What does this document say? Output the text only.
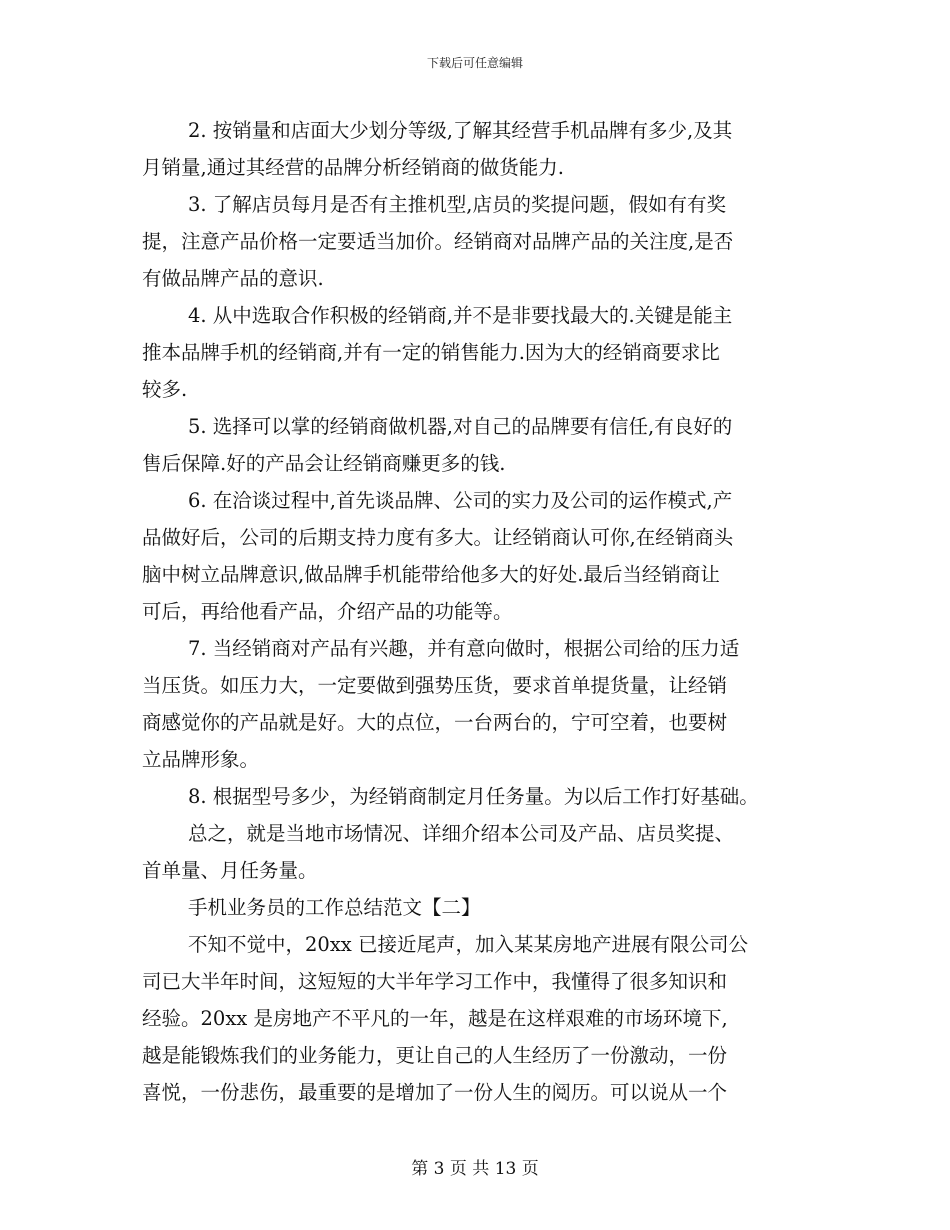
下载后可任意编辑
2. 按销量和店面大少划分等级,了解其经营手机品牌有多少,及其
月销量,通过其经营的品牌分析经销商的做货能力.
3. 了解店员每月是否有主推机型,店员的奖提问题，假如有有奖
提，注意产品价格一定要适当加价。经销商对品牌产品的关注度,是否
有做品牌产品的意识.
4. 从中选取合作积极的经销商,并不是非要找最大的.关键是能主
推本品牌手机的经销商,并有一定的销售能力.因为大的经销商要求比
较多.
5. 选择可以掌的经销商做机器,对自己的品牌要有信任,有良好的
售后保障.好的产品会让经销商赚更多的钱.
6. 在洽谈过程中,首先谈品牌、公司的实力及公司的运作模式,产
品做好后，公司的后期支持力度有多大。让经销商认可你,在经销商头
脑中树立品牌意识,做品牌手机能带给他多大的好处.最后当经销商让
可后，再给他看产品，介绍产品的功能等。
7. 当经销商对产品有兴趣，并有意向做时，根据公司给的压力适
当压货。如压力大，一定要做到强势压货，要求首单提货量，让经销
商感觉你的产品就是好。大的点位，一台两台的，宁可空着，也要树
立品牌形象。
8. 根据型号多少，为经销商制定月任务量。为以后工作打好基础。
总之，就是当地市场情况、详细介绍本公司及产品、店员奖提、
首单量、月任务量。
手机业务员的工作总结范文【二】
不知不觉中，20xx 已接近尾声，加入某某房地产进展有限公司公
司已大半年时间，这短短的大半年学习工作中，我懂得了很多知识和
经验。20xx 是房地产不平凡的一年，越是在这样艰难的市场环境下,
越是能锻炼我们的业务能力，更让自己的人生经历了一份激动，一份
喜悦，一份悲伤，最重要的是增加了一份人生的阅历。可以说从一个
第 3 页 共 13 页
